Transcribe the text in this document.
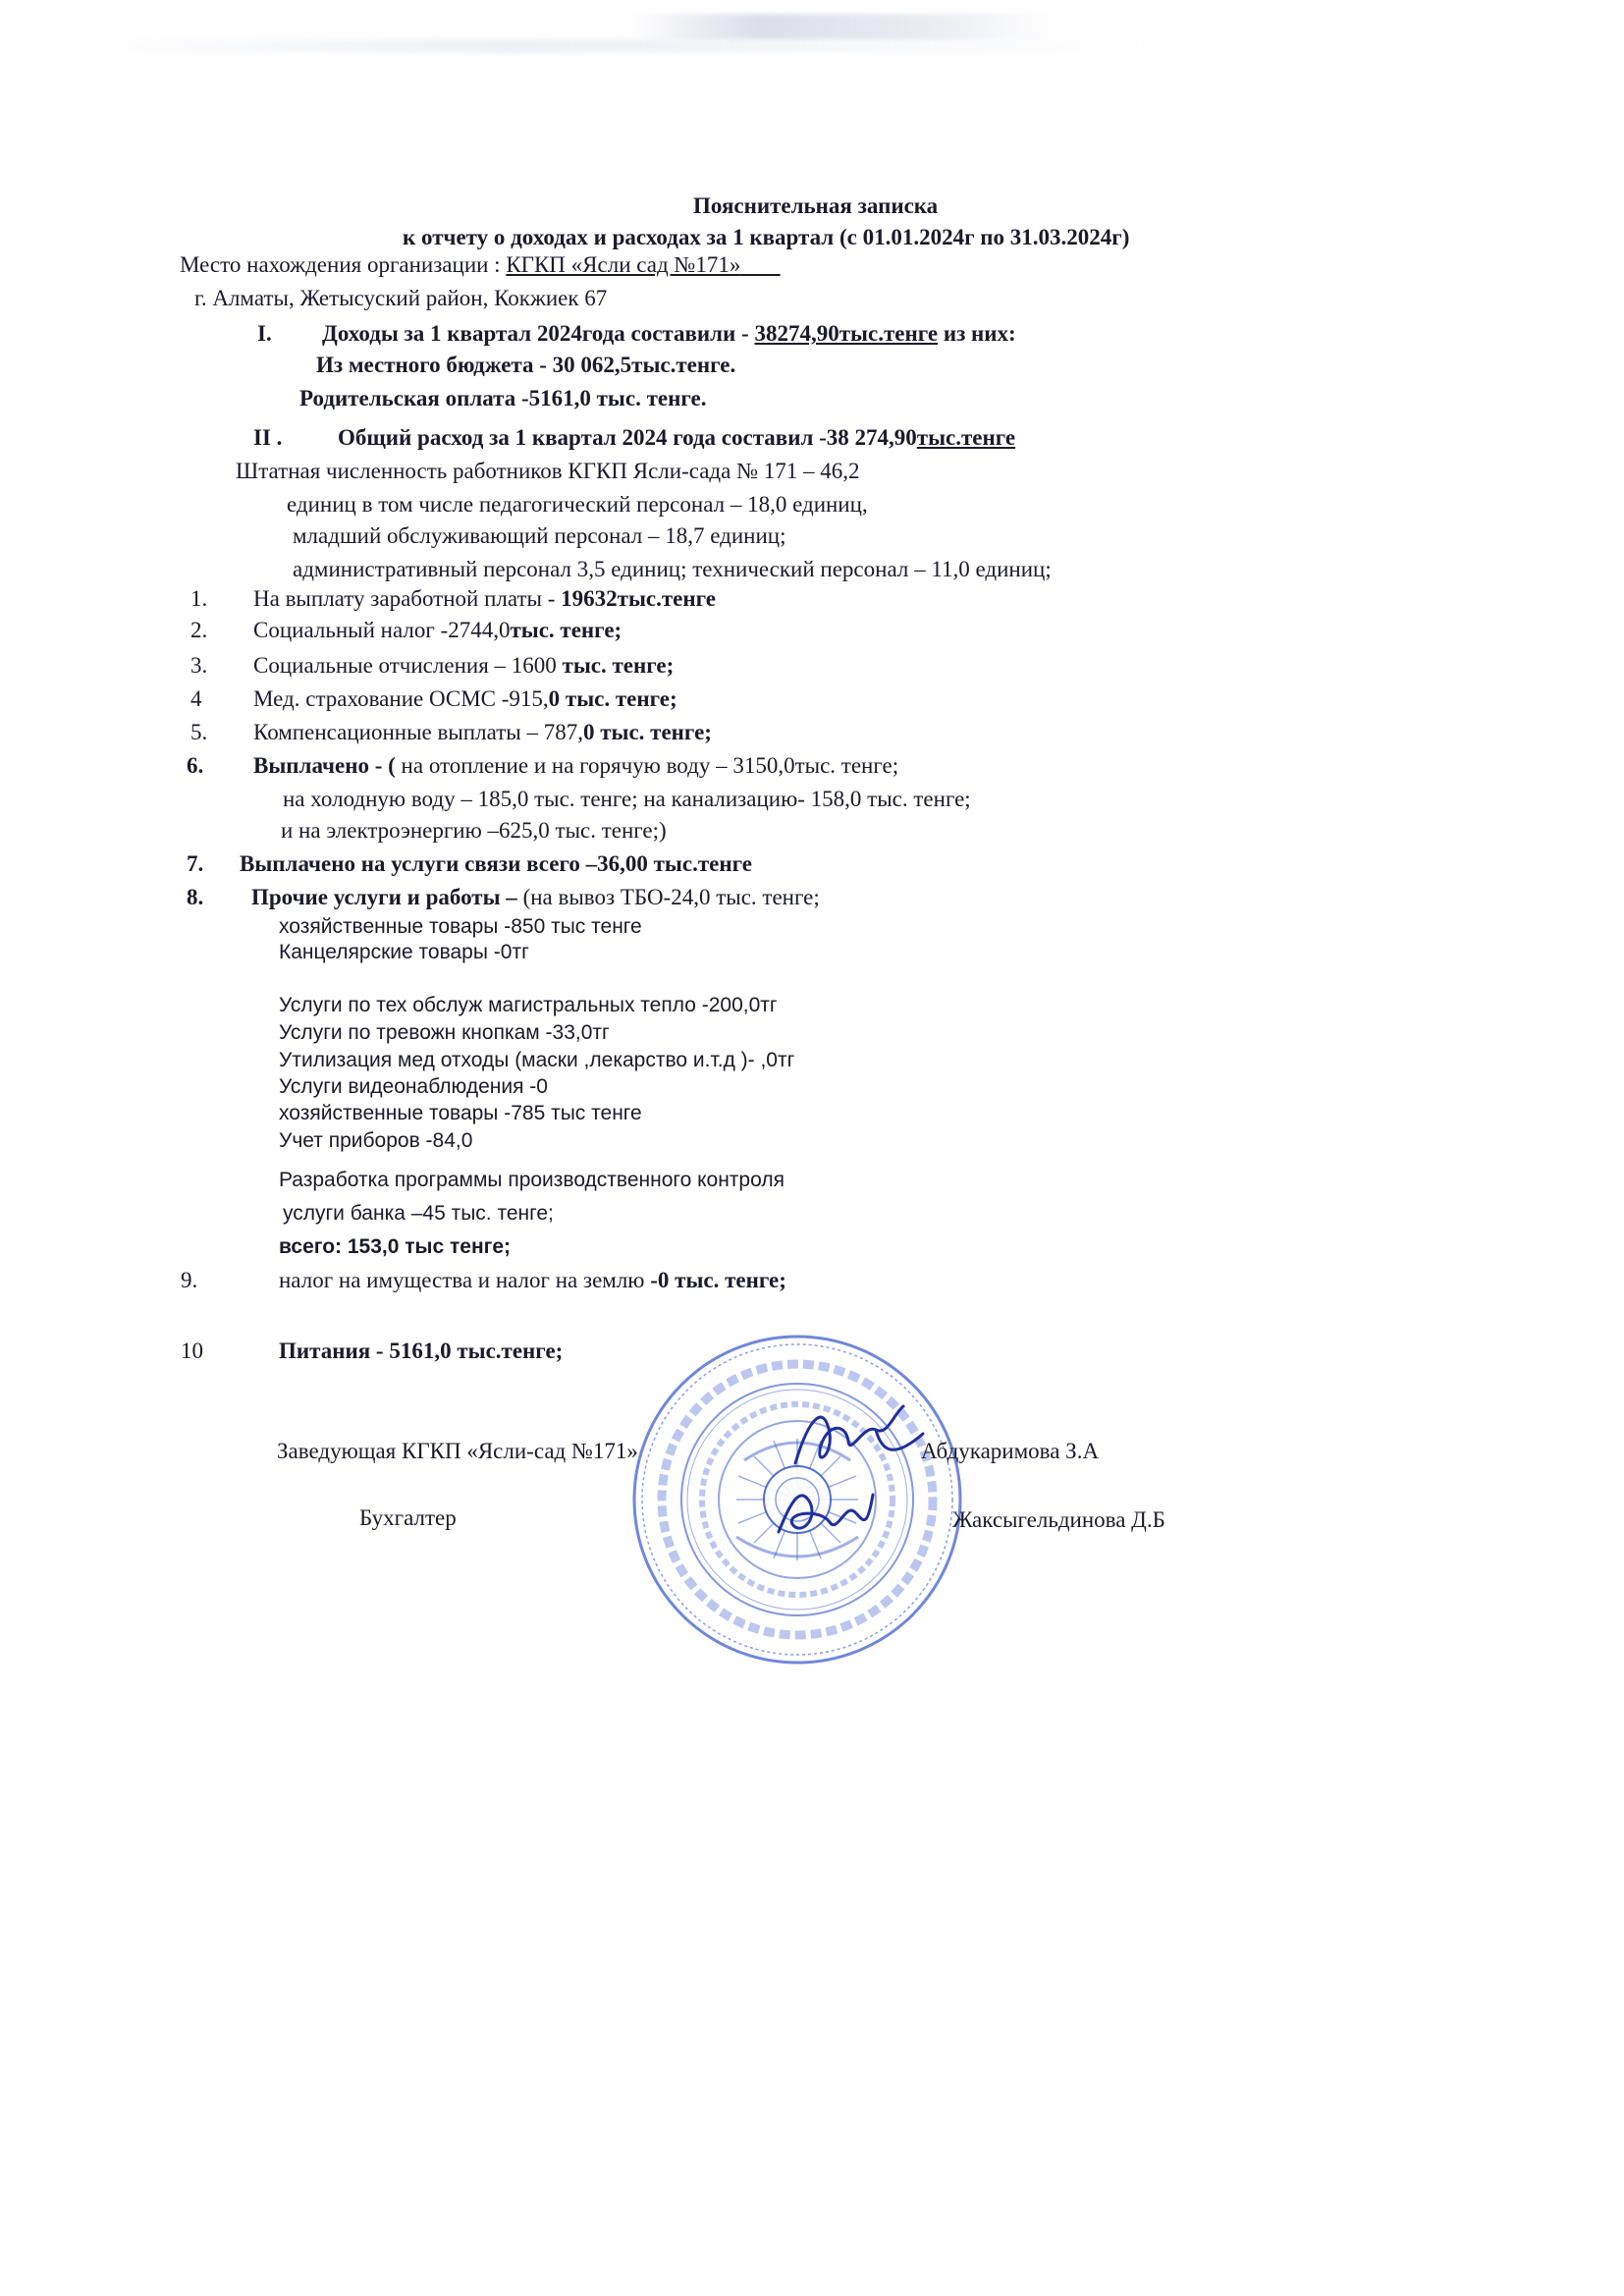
Пояснительная записка
к отчету о доходах и расходах за 1 квартал (с 01.01.2024г по 31.03.2024г)
Место нахождения организации : КГКП «Ясли сад №171»
г. Алматы, Жетысуский район, Кокжиек 67
I. Доходы за 1 квартал 2024года составили - 38274,90тыс.тенге из них:
Из местного бюджета - 30 062,5тыс.тенге.
Родительская оплата -5161,0 тыс. тенге.
II . Общий расход за 1 квартал 2024 года составил -38 274,90тыс.тенге
Штатная численность работников КГКП Ясли-сада № 171 – 46,2
единиц в том числе педагогический персонал – 18,0 единиц,
младший обслуживающий персонал – 18,7 единиц;
административный персонал 3,5 единиц; технический персонал – 11,0 единиц;
1. На выплату заработной платы - 19632тыс.тенге
2. Социальный налог -2744,0тыс. тенге;
3. Социальные отчисления – 1600 тыс. тенге;
4 Мед. страхование ОСМС -915,0 тыс. тенге;
5. Компенсационные выплаты – 787,0 тыс. тенге;
6. Выплачено - ( на отопление и на горячую воду – 3150,0тыс. тенге;
на холодную воду – 185,0 тыс. тенге; на канализацию- 158,0 тыс. тенге;
и на электроэнергию –625,0 тыс. тенге;)
7. Выплачено на услуги связи всего –36,00 тыс.тенге
8. Прочие услуги и работы – (на вывоз ТБО-24,0 тыс. тенге;
хозяйственные товары -850 тыс тенге
Канцелярские товары -0тг
Услуги по тех обслуж магистральных тепло -200,0тг
Услуги по тревожн кнопкам -33,0тг
Утилизация мед отходы (маски ,лекарство и.т.д )- ,0тг
Услуги видеонаблюдения -0
хозяйственные товары -785 тыс тенге
Учет приборов -84,0
Разработка программы производственного контроля
услуги банка –45 тыс. тенге;
всего: 153,0 тыс тенге;
9.	налог на имущества и налог на землю -0 тыс. тенге;
10	Питания - 5161,0 тыс.тенге;
Заведующая КГКП «Ясли-сад №171»	Абдукаримова З.А
Бухгалтер	Жаксыгельдинова Д.Б
